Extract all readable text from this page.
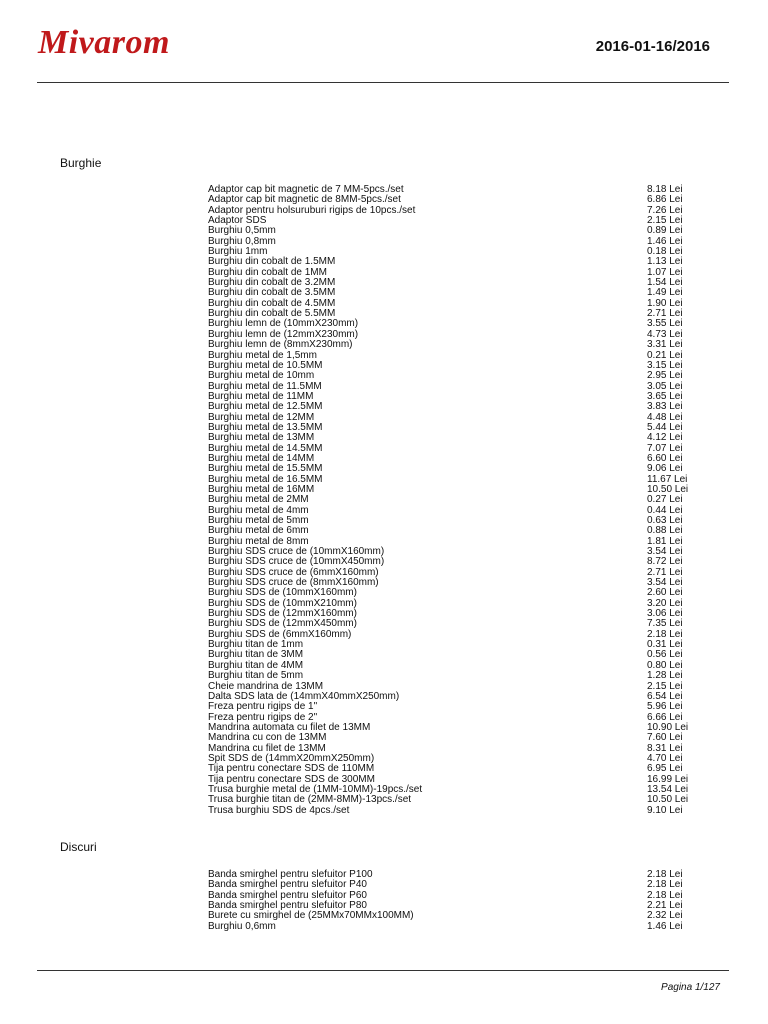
Mivarom	2016-01-16/2016
Burghie
Adaptor cap bit magnetic de 7 MM-5pcs./set	8.18 Lei
Adaptor cap bit magnetic de 8MM-5pcs./set	6.86 Lei
Adaptor pentru holsuruburi rigips de 10pcs./set	7.26 Lei
Adaptor SDS	2.15 Lei
Burghiu 0,5mm	0.89 Lei
Burghiu 0,8mm	1.46 Lei
Burghiu 1mm	0.18 Lei
Burghiu din cobalt de 1.5MM	1.13 Lei
Burghiu din cobalt de 1MM	1.07 Lei
Burghiu din cobalt de 3.2MM	1.54 Lei
Burghiu din cobalt de 3.5MM	1.49 Lei
Burghiu din cobalt de 4.5MM	1.90 Lei
Burghiu din cobalt de 5.5MM	2.71 Lei
Burghiu lemn de (10mmX230mm)	3.55 Lei
Burghiu lemn de (12mmX230mm)	4.73 Lei
Burghiu lemn de (8mmX230mm)	3.31 Lei
Burghiu metal de 1,5mm	0.21 Lei
Burghiu metal de 10.5MM	3.15 Lei
Burghiu metal de 10mm	2.95 Lei
Burghiu metal de 11.5MM	3.05 Lei
Burghiu metal de 11MM	3.65 Lei
Burghiu metal de 12.5MM	3.83 Lei
Burghiu metal de 12MM	4.48 Lei
Burghiu metal de 13.5MM	5.44 Lei
Burghiu metal de 13MM	4.12 Lei
Burghiu metal de 14.5MM	7.07 Lei
Burghiu metal de 14MM	6.60 Lei
Burghiu metal de 15.5MM	9.06 Lei
Burghiu metal de 16.5MM	11.67 Lei
Burghiu metal de 16MM	10.50 Lei
Burghiu metal de 2MM	0.27 Lei
Burghiu metal de 4mm	0.44 Lei
Burghiu metal de 5mm	0.63 Lei
Burghiu metal de 6mm	0.88 Lei
Burghiu metal de 8mm	1.81 Lei
Burghiu SDS cruce de (10mmX160mm)	3.54 Lei
Burghiu SDS cruce de (10mmX450mm)	8.72 Lei
Burghiu SDS cruce de (6mmX160mm)	2.71 Lei
Burghiu SDS cruce de (8mmX160mm)	3.54 Lei
Burghiu SDS de (10mmX160mm)	2.60 Lei
Burghiu SDS de (10mmX210mm)	3.20 Lei
Burghiu SDS de (12mmX160mm)	3.06 Lei
Burghiu SDS de (12mmX450mm)	7.35 Lei
Burghiu SDS de (6mmX160mm)	2.18 Lei
Burghiu titan de 1mm	0.31 Lei
Burghiu titan de 3MM	0.56 Lei
Burghiu titan de 4MM	0.80 Lei
Burghiu titan de 5mm	1.28 Lei
Cheie mandrina de 13MM	2.15 Lei
Dalta SDS lata de (14mmX40mmX250mm)	6.54 Lei
Freza pentru rigips de 1"	5.96 Lei
Freza pentru rigips de 2"	6.66 Lei
Mandrina automata cu filet de 13MM	10.90 Lei
Mandrina cu con de 13MM	7.60 Lei
Mandrina cu filet de 13MM	8.31 Lei
Spit SDS de (14mmX20mmX250mm)	4.70 Lei
Tija pentru conectare SDS de 110MM	6.95 Lei
Tija pentru conectare SDS de 300MM	16.99 Lei
Trusa burghie metal de (1MM-10MM)-19pcs./set	13.54 Lei
Trusa burghie titan de (2MM-8MM)-13pcs./set	10.50 Lei
Trusa burghiu SDS de 4pcs./set	9.10 Lei
Discuri
Banda smirghel pentru slefuitor P100	2.18 Lei
Banda smirghel pentru slefuitor P40	2.18 Lei
Banda smirghel pentru slefuitor P60	2.18 Lei
Banda smirghel pentru slefuitor P80	2.21 Lei
Burete cu smirghel de (25MMx70MMx100MM)	2.32 Lei
Burghiu 0,6mm	1.46 Lei
Pagina 1/127
